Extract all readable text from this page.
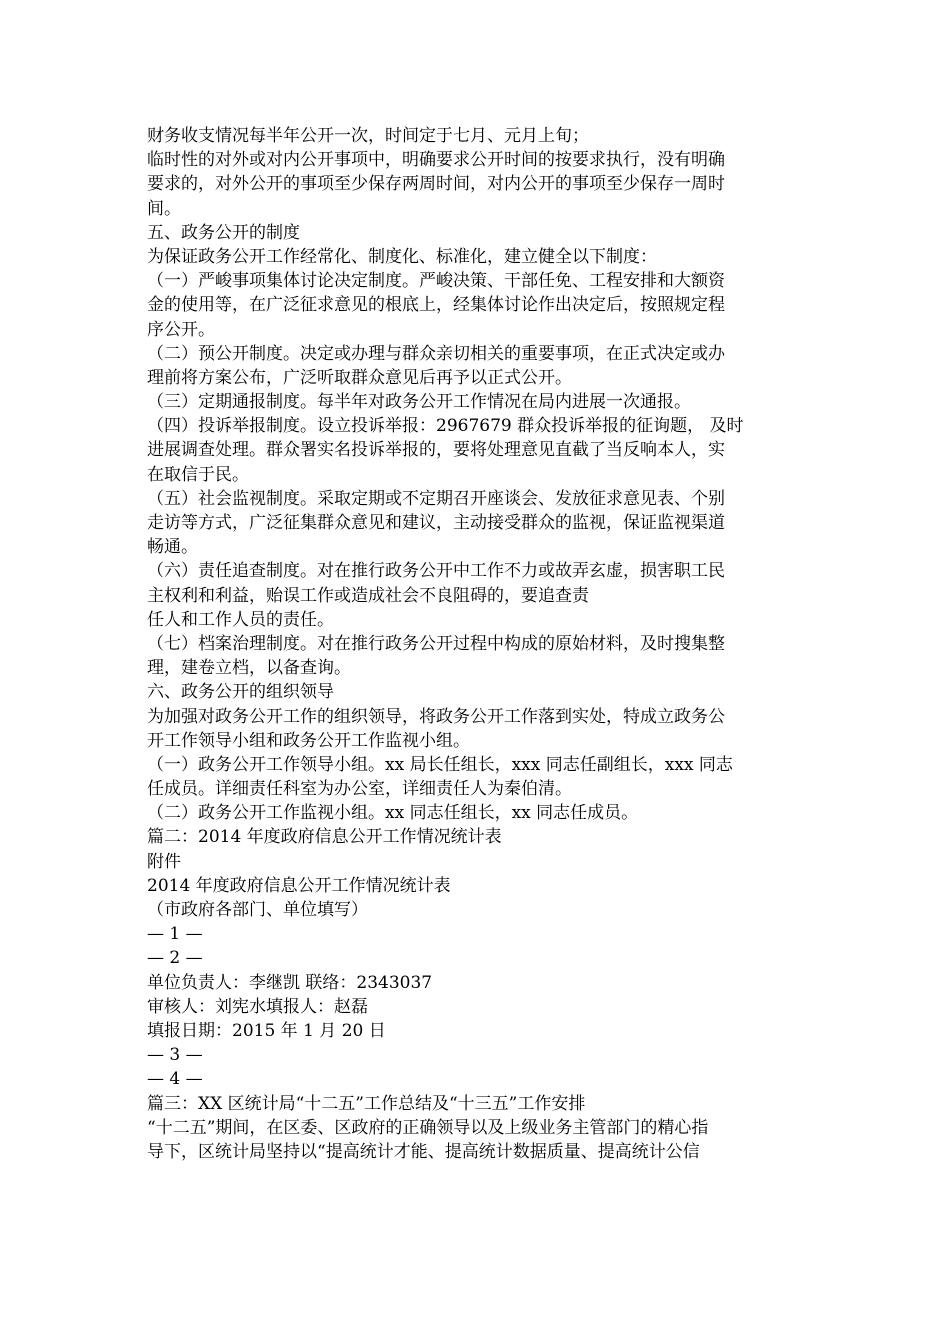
财务收支情况每半年公开一次，时间定于七月、元月上旬；
临时性的对外或对内公开事项中，明确要求公开时间的按要求执行，没有明确
要求的，对外公开的事项至少保存两周时间，对内公开的事项至少保存一周时
间。
五、政务公开的制度
为保证政务公开工作经常化、制度化、标准化，建立健全以下制度：
（一）严峻事项集体讨论决定制度。严峻决策、干部任免、工程安排和大额资
金的使用等，在广泛征求意见的根底上，经集体讨论作出决定后，按照规定程
序公开。
（二）预公开制度。决定或办理与群众亲切相关的重要事项，在正式决定或办
理前将方案公布，广泛听取群众意见后再予以正式公开。
（三）定期通报制度。每半年对政务公开工作情况在局内进展一次通报。
（四）投诉举报制度。设立投诉举报：2967679 群众投诉举报的征询题， 及时
进展调查处理。群众署实名投诉举报的，要将处理意见直截了当反响本人，实
在取信于民。
（五）社会监视制度。采取定期或不定期召开座谈会、发放征求意见表、个别
走访等方式，广泛征集群众意见和建议，主动接受群众的监视，保证监视渠道
畅通。
（六）责任追查制度。对在推行政务公开中工作不力或故弄玄虚，损害职工民
主权利和利益，贻误工作或造成社会不良阻碍的，要追查责
任人和工作人员的责任。
（七）档案治理制度。对在推行政务公开过程中构成的原始材料，及时搜集整
理，建卷立档，以备查询。
六、政务公开的组织领导
为加强对政务公开工作的组织领导，将政务公开工作落到实处，特成立政务公
开工作领导小组和政务公开工作监视小组。
（一）政务公开工作领导小组。xx 局长任组长，xxx 同志任副组长，xxx 同志
任成员。详细责任科室为办公室，详细责任人为秦伯清。
（二）政务公开工作监视小组。xx 同志任组长，xx 同志任成员。
篇二：2014 年度政府信息公开工作情况统计表
附件
2014 年度政府信息公开工作情况统计表
（市政府各部门、单位填写）
— 1 —
— 2 —
单位负责人：李继凯 联络：2343037
审核人：刘宪水填报人：赵磊
填报日期：2015 年 1 月 20 日
— 3 —
— 4 —
篇三：XX 区统计局“十二五”工作总结及“十三五”工作安排
“十二五”期间，在区委、区政府的正确领导以及上级业务主管部门的精心指
导下，区统计局坚持以“提高统计才能、提高统计数据质量、提高统计公信
